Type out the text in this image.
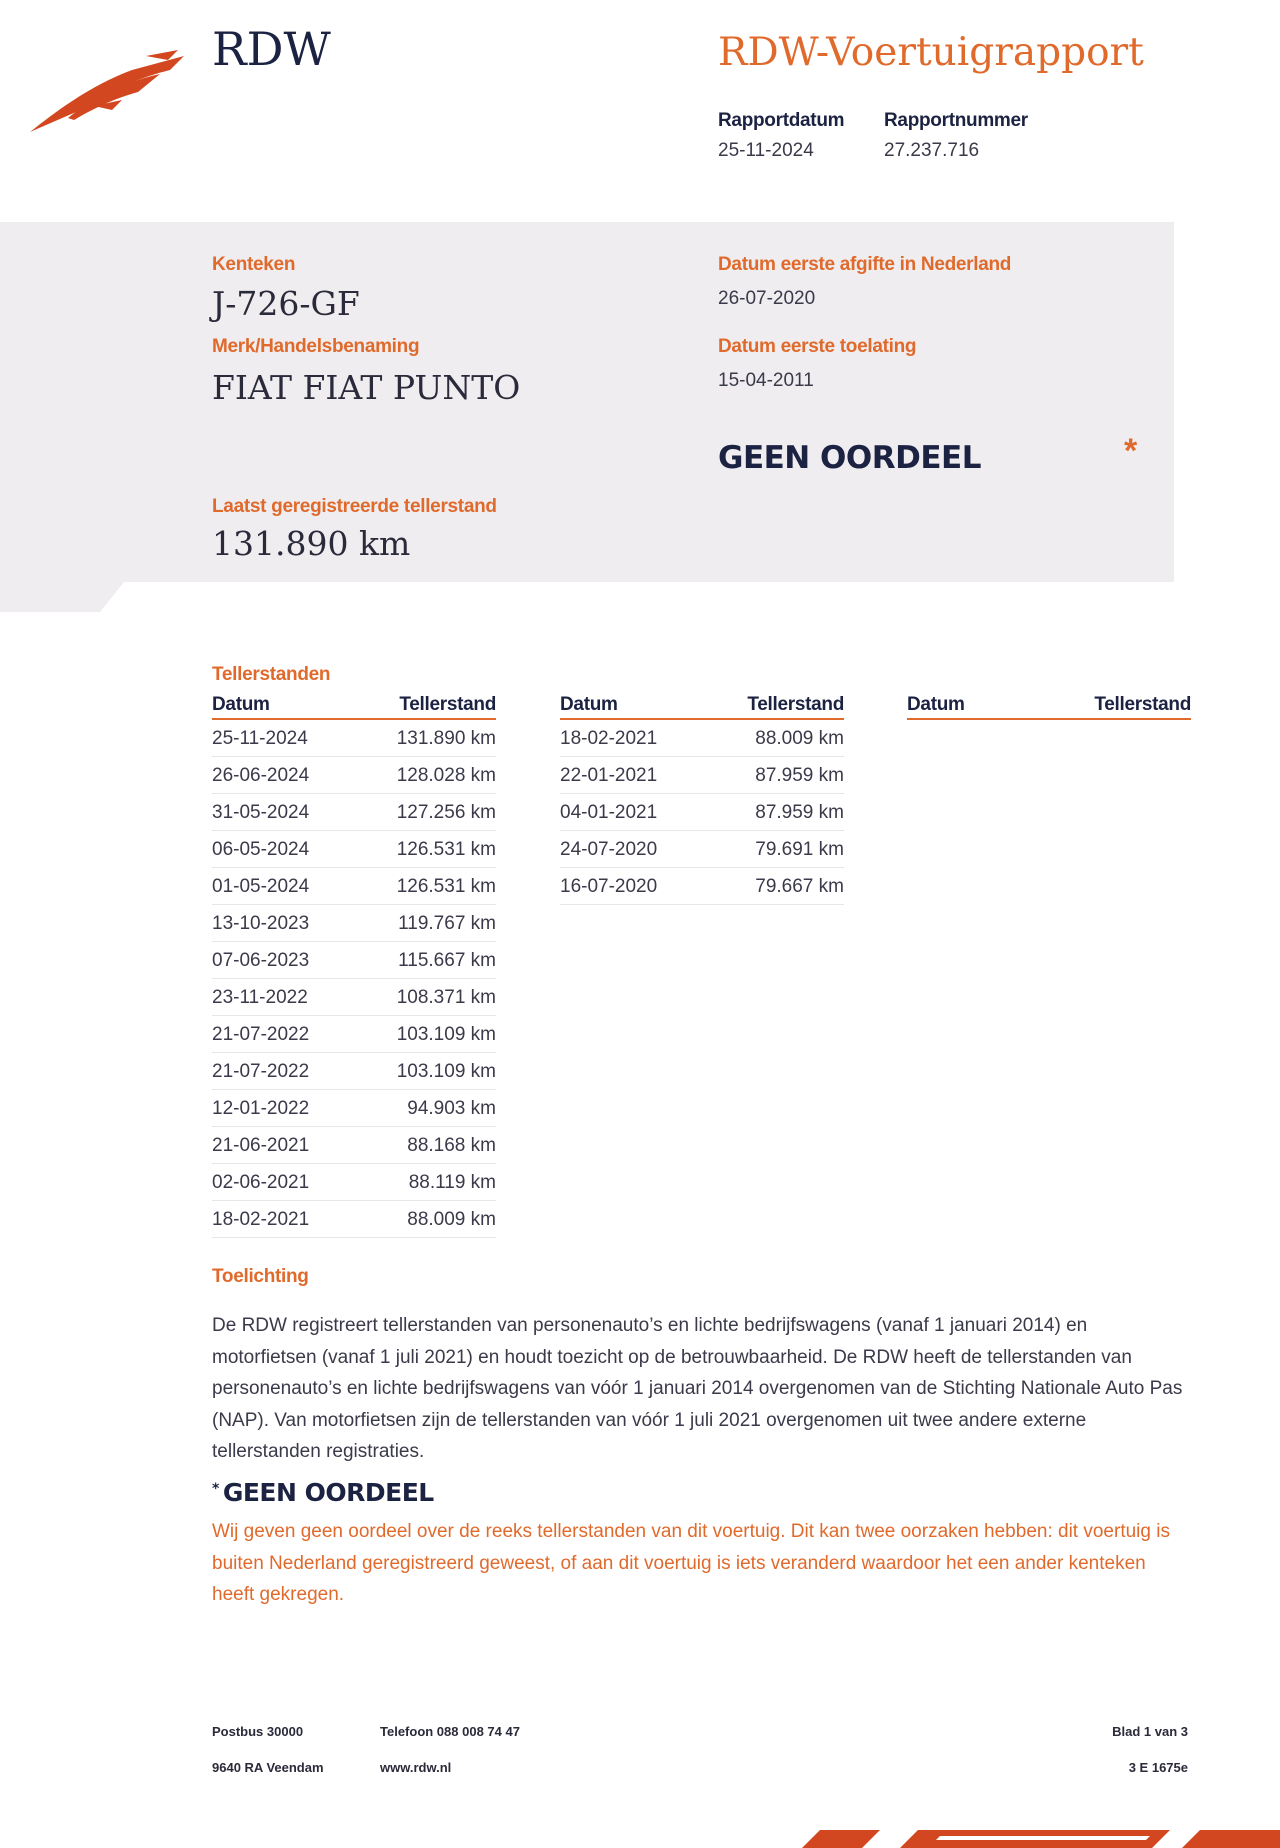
RDW	RDW-Voertuigrapport
Rapportdatum
25-11-2024
Rapportnummer
27.237.716
Kenteken
J-726-GF
Merk/Handelsbenaming
FIAT FIAT PUNTO
Datum eerste afgifte in Nederland
26-07-2020
Datum eerste toelating
15-04-2011
GEEN OORDEEL	*
Laatst geregistreerde tellerstand
131.890 km
Tellerstanden
Datum	Tellerstand
25-11-2024	131.890 km
26-06-2024	128.028 km
31-05-2024	127.256 km
06-05-2024	126.531 km
01-05-2024	126.531 km
13-10-2023	119.767 km
07-06-2023	115.667 km
23-11-2022	108.371 km
21-07-2022	103.109 km
21-07-2022	103.109 km
12-01-2022	94.903 km
21-06-2021	88.168 km
02-06-2021	88.119 km
18-02-2021	88.009 km
Datum	Tellerstand
18-02-2021	88.009 km
22-01-2021	87.959 km
04-01-2021	87.959 km
24-07-2020	79.691 km
16-07-2020	79.667 km
Datum	Tellerstand
Toelichting
De RDW registreert tellerstanden van personenauto’s en lichte bedrijfswagens (vanaf 1 januari 2014) en motorfietsen (vanaf 1 juli 2021) en houdt toezicht op de betrouwbaarheid. De RDW heeft de tellerstanden van personenauto’s en lichte bedrijfswagens van vóór 1 januari 2014 overgenomen van de Stichting Nationale Auto Pas (NAP). Van motorfietsen zijn de tellerstanden van vóór 1 juli 2021 overgenomen uit twee andere externe tellerstanden registraties.
* GEEN OORDEEL
Wij geven geen oordeel over de reeks tellerstanden van dit voertuig. Dit kan twee oorzaken hebben: dit voertuig is buiten Nederland geregistreerd geweest, of aan dit voertuig is iets veranderd waardoor het een ander kenteken heeft gekregen.
Postbus 30000
9640 RA Veendam
Telefoon 088 008 74 47
www.rdw.nl
Blad 1 van 3
3 E 1675e
